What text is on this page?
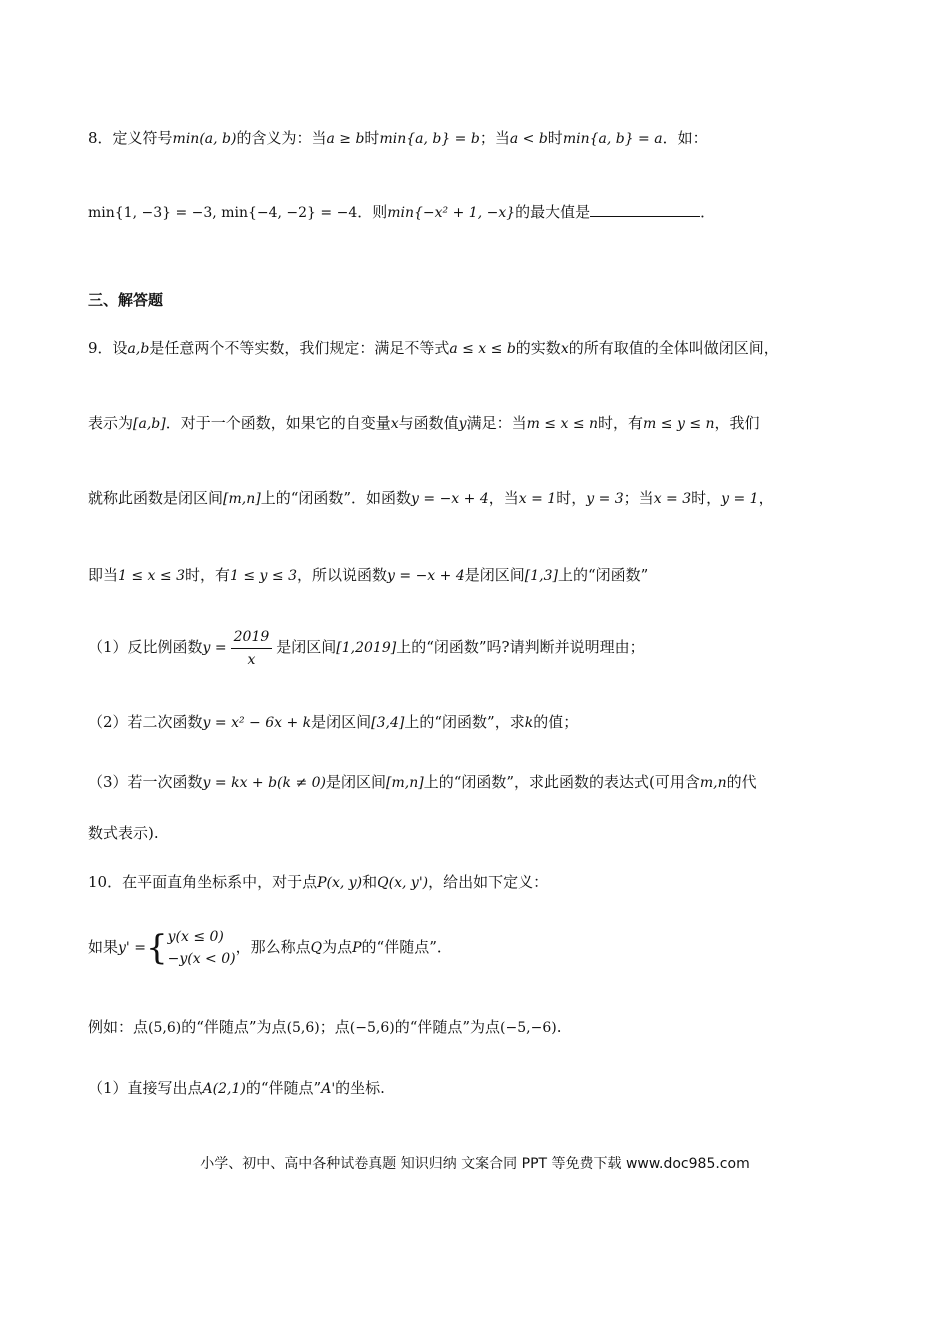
8．定义符号min(a, b)的含义为：当a ≥ b时min{a, b} = b；当a < b时min{a, b} = a．如：
min{1, −3} = −3, min{−4, −2} = −4．则min{−x² + 1, −x}的最大值是	．
三、解答题
9．设a,b是任意两个不等实数，我们规定：满足不等式a ≤ x ≤ b的实数x的所有取值的全体叫做闭区间，
表示为[a,b]．对于一个函数，如果它的自变量x与函数值y满足：当m ≤ x ≤ n时，有m ≤ y ≤ n，我们
就称此函数是闭区间[m,n]上的“闭函数”．如函数y = −x + 4，当x = 1时，y = 3；当x = 3时，y = 1，
即当1 ≤ x ≤ 3时，有1 ≤ y ≤ 3，所以说函数y = −x + 4是闭区间[1,3]上的“闭函数”
（1）反比例函数$y = \frac{2019}{x}$ 是闭区间[1,2019]上的“闭函数”吗?请判断并说明理由；
（2）若二次函数y = x² − 6x + k是闭区间[3,4]上的“闭函数”，求k的值；
（3）若一次函数y = kx + b(k ≠ 0)是闭区间[m,n]上的“闭函数”，求此函数的表达式(可用含m,n的代
数式表示).
10．在平面直角坐标系中，对于点P(x, y)和Q(x, y')，给出如下定义：
如果y' ={ y(x ≤ 0)
−y(x < 0)
，那么称点Q为点P的“伴随点”．
例如：点(5,6)的“伴随点”为点(5,6)；点(−5,6)的“伴随点”为点(−5,−6).
（1）直接写出点A(2,1)的“伴随点”A'的坐标.
小学、初中、高中各种试卷真题 知识归纳 文案合同 PPT 等免费下载 www.doc985.com
